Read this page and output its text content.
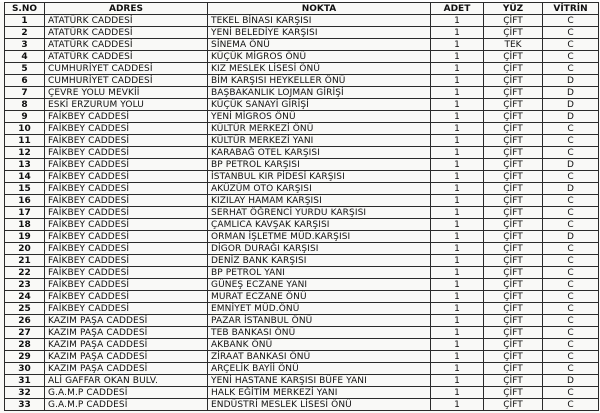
S.NO	ADRES	NOKTA	ADET	YÜZ	VİTRİN
1	ATATÜRK CADDESİ	TEKEL BİNASI KARŞISI	1	ÇİFT	C
2	ATATÜRK CADDESİ	YENİ BELEDİYE KARŞISI	1	ÇİFT	C
3	ATATÜRK CADDESİ	SİNEMA ÖNÜ	1	TEK	C
4	ATATÜRK CADDESİ	KÜÇÜK MİGROS ÖNÜ	1	ÇİFT	C
5	CUMHURİYET CADDESİ	KIZ MESLEK LİSESİ ÖNÜ	1	ÇİFT	C
6	CUMHURİYET CADDESİ	BİM KARŞISI HEYKELLER ÖNÜ	1	ÇİFT	D
7	ÇEVRE YOLU MEVKİİ	BAŞBAKANLIK LOJMAN GİRİŞİ	1	ÇİFT	D
8	ESKİ ERZURUM YOLU	KÜÇÜK SANAYİ GİRİŞİ	1	ÇİFT	D
9	FAİKBEY CADDESİ	YENİ MİGROS ÖNÜ	1	ÇİFT	D
10	FAİKBEY CADDESİ	KÜLTÜR MERKEZİ ÖNÜ	1	ÇİFT	C
11	FAİKBEY CADDESİ	KÜLTÜR MERKEZİ YANI	1	ÇİFT	C
12	FAİKBEY CADDESİ	KARABAĞ OTEL KARŞISI	1	ÇİFT	C
13	FAİKBEY CADDESİ	BP PETROL KARŞISI	1	ÇİFT	D
14	FAİKBEY CADDESİ	İSTANBUL KIR PİDESİ KARŞISI	1	ÇİFT	C
15	FAİKBEY CADDESİ	AKÜZÜM OTO KARŞISI	1	ÇİFT	D
16	FAİKBEY CADDESİ	KIZILAY HAMAM KARŞISI	1	ÇİFT	C
17	FAİKBEY CADDESİ	SERHAT ÖĞRENCİ YURDU KARŞISI	1	ÇİFT	C
18	FAİKBEY CADDESİ	ÇAMLICA KAVŞAK KARŞISI	1	ÇİFT	C
19	FAİKBEY CADDESİ	ORMAN İŞLETME MÜD.KARŞISI	1	ÇİFT	D
20	FAİKBEY CADDESİ	DİGOR DURAĞI KARŞISI	1	ÇİFT	C
21	FAİKBEY CADDESİ	DENİZ BANK KARŞISI	1	ÇİFT	C
22	FAİKBEY CADDESİ	BP PETROL YANI	1	ÇİFT	C
23	FAİKBEY CADDESİ	GÜNEŞ ECZANE YANI	1	ÇİFT	C
24	FAİKBEY CADDESİ	MURAT ECZANE ÖNÜ	1	ÇİFT	C
25	FAİKBEY CADDESİ	EMNİYET MÜD.ÖNÜ	1	ÇİFT	C
26	KAZIM PAŞA CADDESİ	PAZAR İSTANBUL ÖNÜ	1	ÇİFT	C
27	KAZIM PAŞA CADDESİ	TEB BANKASI ÖNÜ	1	ÇİFT	C
28	KAZIM PAŞA CADDESİ	AKBANK ÖNÜ	1	ÇİFT	C
29	KAZIM PAŞA CADDESİ	ZİRAAT BANKASI ÖNÜ	1	ÇİFT	C
30	KAZIM PAŞA CADDESİ	ARÇELİK BAYİİ ÖNÜ	1	ÇİFT	C
31	ALİ GAFFAR OKAN BULV.	YENİ HASTANE KARŞISI BÜFE YANI	1	ÇİFT	D
32	G.A.M.P CADDESİ	HALK EĞİTİM MERKEZİ YANI	1	ÇİFT	C
33	G.A.M.P CADDESİ	ENDÜSTRİ MESLEK LİSESİ ÖNÜ	1	ÇİFT	C
